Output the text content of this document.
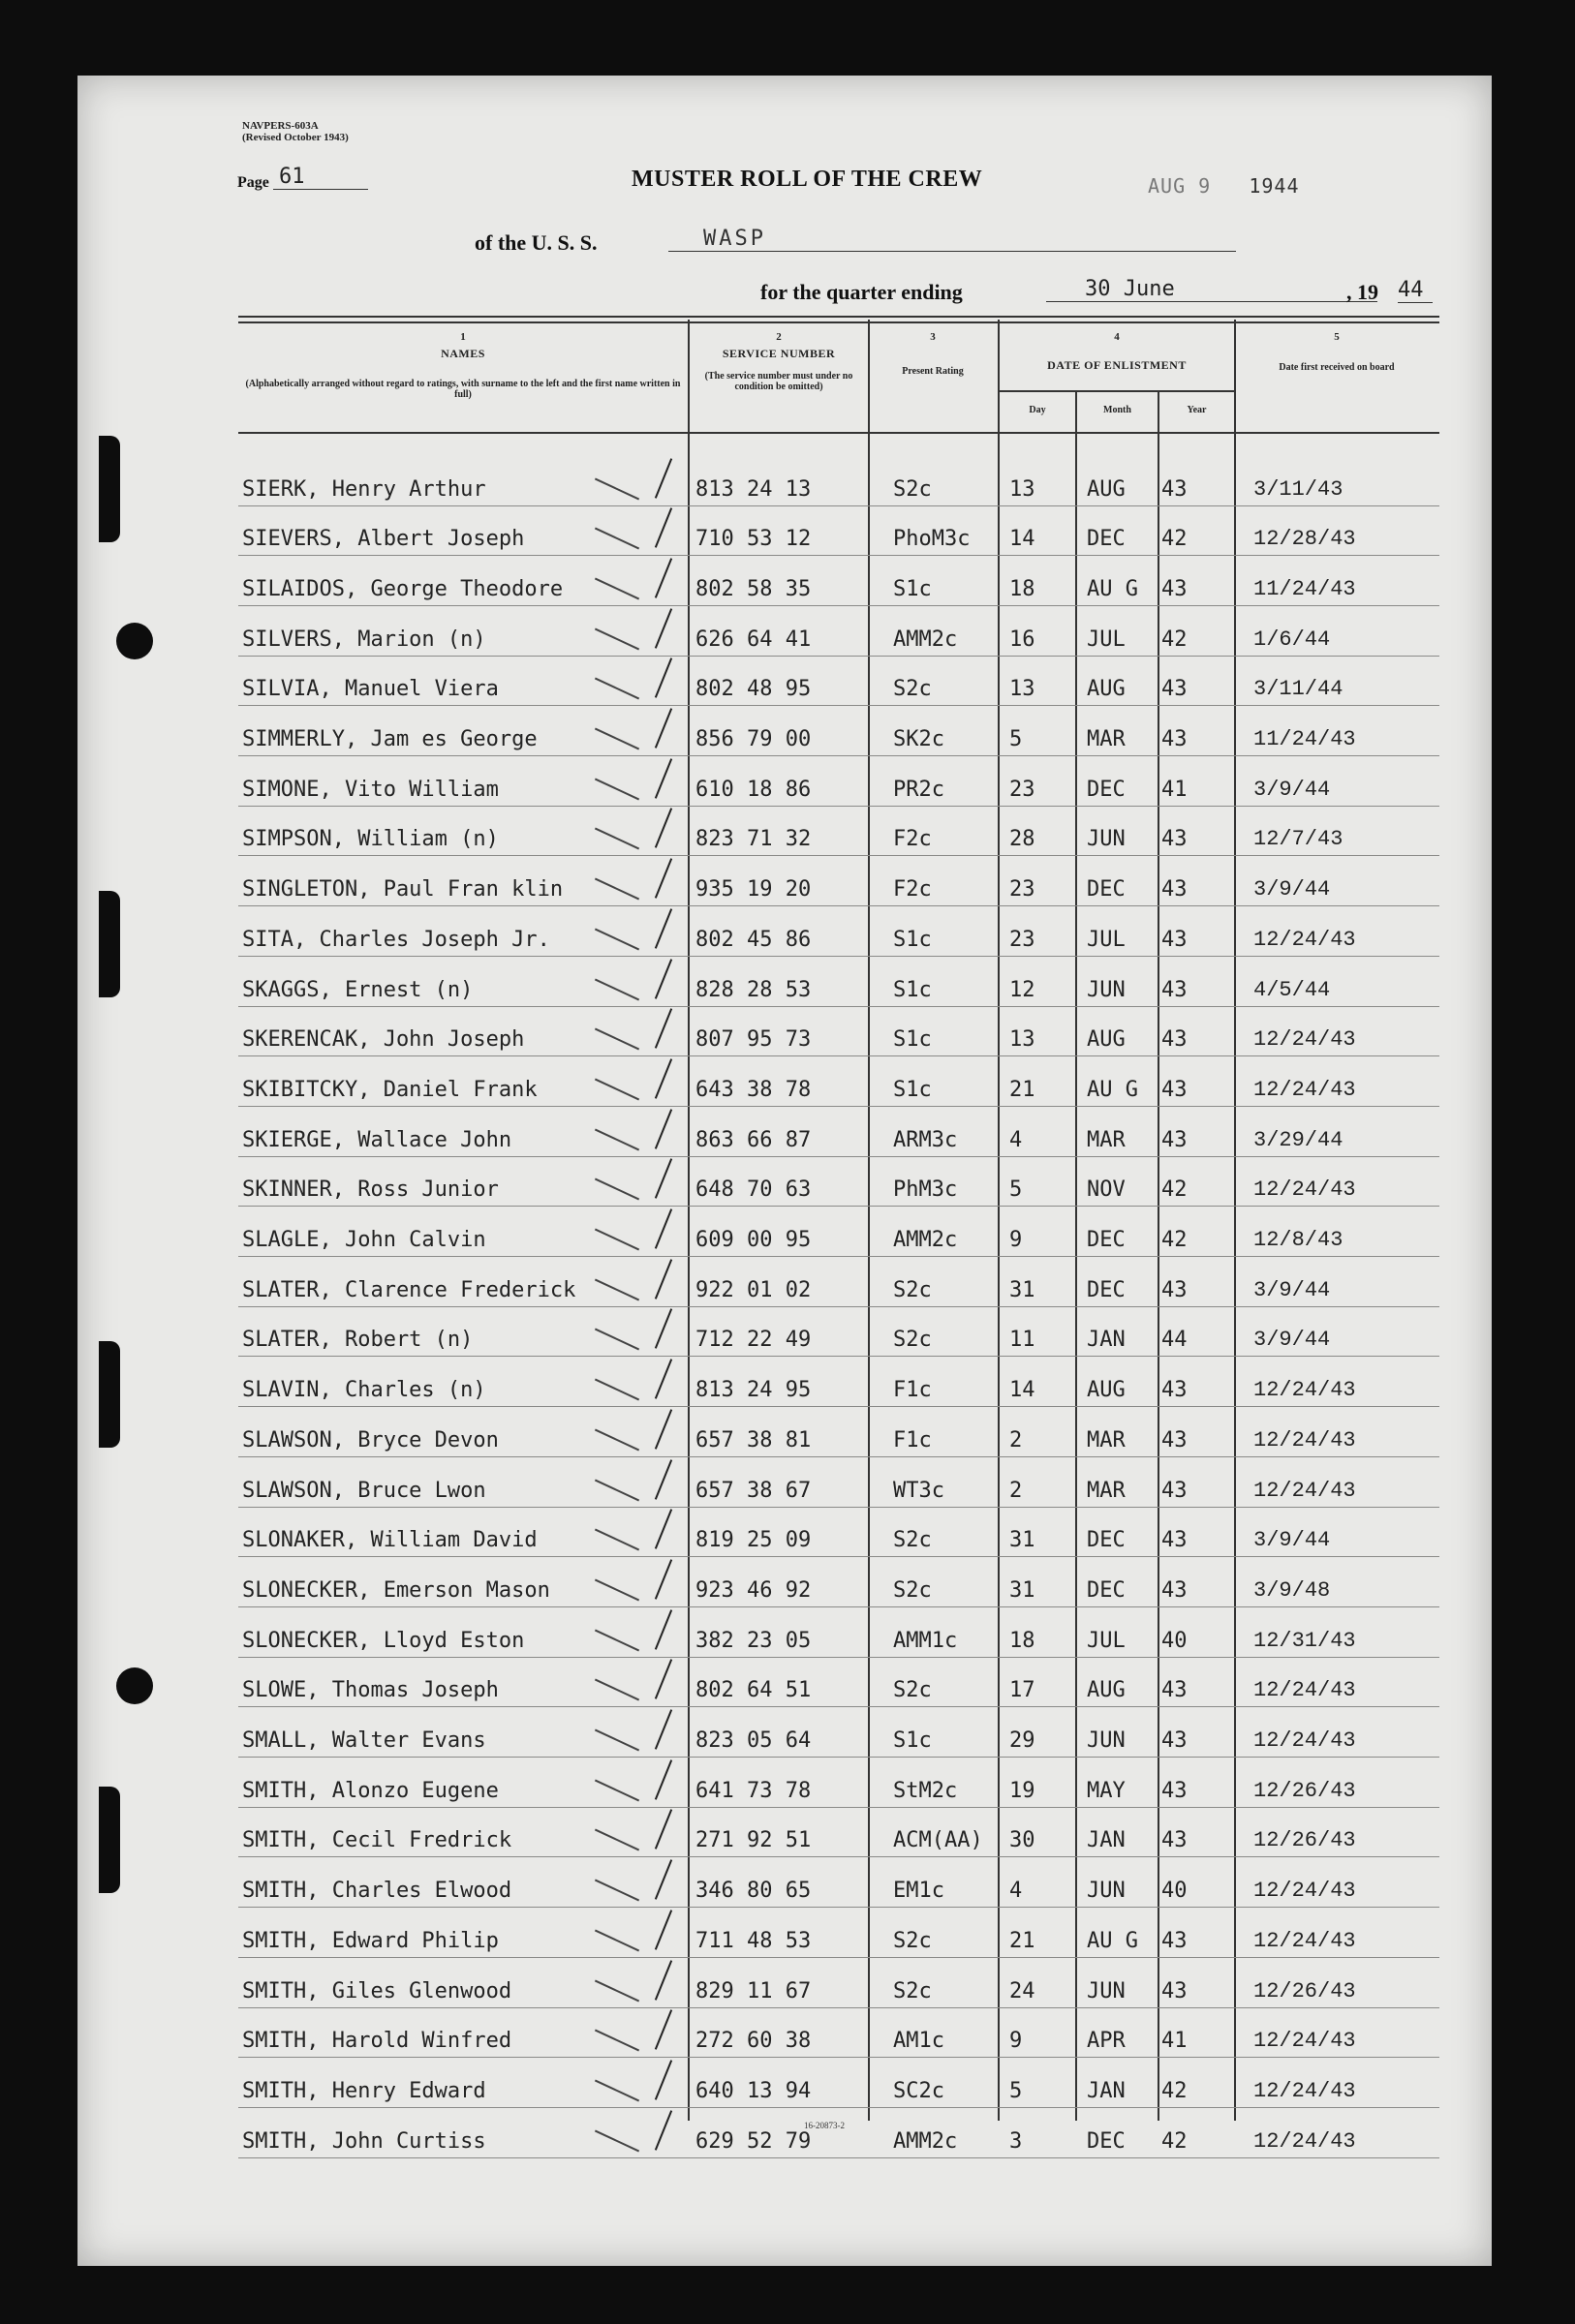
NAVPERS-603A
(Revised October 1943)
Page 61	MUSTER ROLL OF THE CREW	AUG 9 1944
of the U. S. S.	WASP
for the quarter ending	30 June	, 19 44
1
NAMES
(Alphabetically arranged without regard to ratings, with surname to the left and the first name written in full)
2
SERVICE NUMBER
(The service number must under no condition be omitted)
3
Present Rating
4
DATE OF ENLISTMENT
Day	Month	Year
5
Date first received on board
SIERK, Henry Arthur	813 24 13	S2c	13 AUG 43	3/11/43
SIEVERS, Albert Joseph	710 53 12	PhoM3c 14 DEC 42	12/28/43
SILAIDOS, George Theodore	802 58 35	S1c	18 AU G 43	11/24/43
SILVERS, Marion (n)	626 64 41	AMM2c 16 JUL 42	1/6/44
SILVIA, Manuel Viera	802 48 95	S2c	13 AUG 43	3/11/44
SIMMERLY, Jam es George	856 79 00	SK2c	5	MAR 43	11/24/43
SIMONE, Vito William	610 18 86	PR2c	23 DEC 41	3/9/44
SIMPSON, William (n)	823 71 32	F2c	28 JUN 43	12/7/43
SINGLETON, Paul Fran klin	935 19 20	F2c	23 DEC 43	3/9/44
SITA, Charles Joseph Jr.	802 45 86	S1c	23 JUL 43	12/24/43
SKAGGS, Ernest (n)	828 28 53	S1c	12 JUN 43	4/5/44
SKERENCAK, John Joseph	807 95 73	S1c	13 AUG 43	12/24/43
SKIBITCKY, Daniel Frank	643 38 78	S1c	21 AU G 43	12/24/43
SKIERGE, Wallace John	863 66 87	ARM3c 4	MAR 43	3/29/44
SKINNER, Ross Junior	648 70 63	PhM3c 5	NOV 42	12/24/43
SLAGLE, John Calvin	609 00 95	AMM2c 9	DEC 42	12/8/43
SLATER, Clarence Frederick	922 01 02	S2c	31 DEC 43	3/9/44
SLATER, Robert (n)	712 22 49	S2c	11 JAN 44	3/9/44
SLAVIN, Charles (n)	813 24 95	F1c	14 AUG 43	12/24/43
SLAWSON, Bryce Devon	657 38 81	F1c	2	MAR 43	12/24/43
SLAWSON, Bruce Lwon	657 38 67	WT3c	2	MAR 43	12/24/43
SLONAKER, William David	819 25 09	S2c	31 DEC 43	3/9/44
SLONECKER, Emerson Mason	923 46 92	S2c	31 DEC 43	3/9/48
SLONECKER, Lloyd Eston	382 23 05	AMM1c 18 JUL 40	12/31/43
SLOWE, Thomas Joseph	802 64 51	S2c	17 AUG 43	12/24/43
SMALL, Walter Evans	823 05 64	S1c	29 JUN 43	12/24/43
SMITH, Alonzo Eugene	641 73 78	StM2c 19 MAY 43	12/26/43
SMITH, Cecil Fredrick	271 92 51	ACM(AA) 30 JAN 43	12/26/43
SMITH, Charles Elwood	346 80 65	EM1c	4	JUN 40	12/24/43
SMITH, Edward Philip	711 48 53	S2c	21 AU G 43	12/24/43
SMITH, Giles Glenwood	829 11 67	S2c	24 JUN 43	12/26/43
SMITH, Harold Winfred	272 60 38	AM1c	9	APR 41	12/24/43
SMITH, Henry Edward	640 13 94	SC2c	5	JAN 42	12/24/43
SMITH, John Curtiss	629 52 79	AMM2c 3	DEC 42	12/24/43
16-20873-2
